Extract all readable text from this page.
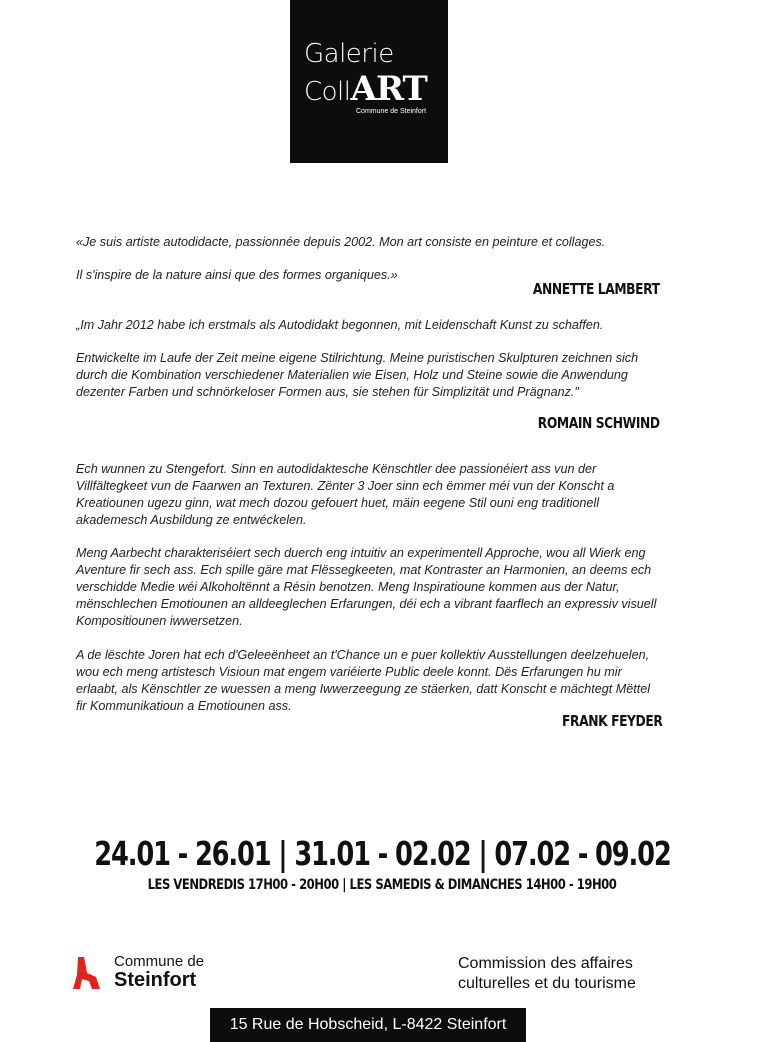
Galerie
CollART
Commune de Steinfort
«Je suis artiste autodidacte, passionnée depuis 2002. Mon art consiste en peinture et collages.
Il s'inspire de la nature ainsi que des formes organiques.»
ANNETTE LAMBERT
„Im Jahr 2012 habe ich erstmals als Autodidakt begonnen, mit Leidenschaft Kunst zu schaffen.
Entwickelte im Laufe der Zeit meine eigene Stilrichtung. Meine puristischen Skulpturen zeichnen sich durch die Kombination verschiedener Materialien wie Eisen, Holz und Steine sowie die Anwendung dezenter Farben und schnörkeloser Formen aus, sie stehen für Simplizität und Prägnanz."
ROMAIN SCHWIND
Ech wunnen zu Stengefort. Sinn en autodidaktesche Kënschtler dee passionéiert ass vun der Villfältegkeet vun de Faarwen an Texturen. Zënter 3 Joer sinn ech ëmmer méi vun der Konscht a Kreatiounen ugezu ginn, wat mech dozou gefouert huet, mäin eegene Stil ouni eng traditionell akademesch Ausbildung ze entwéckelen.
Meng Aarbecht charakteriséiert sech duerch eng intuitiv an experimentell Approche, wou all Wierk eng Aventure fir sech ass. Ech spille gäre mat Flëssegkeeten, mat Kontraster an Harmonien, an deems ech verschidde Medie wéi Alkoholtënnt a Résin benotzen. Meng Inspiratioune kommen aus der Natur, mënschlechen Emotiounen an alldeeglechen Erfarungen, déi ech a vibrant faarflech an expressiv visuell Kompositiounen iwwersetzen.
A de lëschte Joren hat ech d'Geleeënheet an t'Chance un e puer kollektiv Ausstellungen deelzehuelen, wou ech meng artistesch Visioun mat engem variéierte Public deele konnt. Dës Erfarungen hu mir erlaabt, als Kënschtler ze wuessen a meng Iwwerzeegung ze stäerken, datt Konscht e mächtegt Mëttel fir Kommunikatioun a Emotiounen ass.
FRANK FEYDER
24.01 - 26.01 | 31.01 - 02.02 | 07.02 - 09.02
LES VENDREDIS 17H00 - 20H00 | LES SAMEDIS & DIMANCHES 14H00 - 19H00
Commune de
Steinfort
Commission des affaires
culturelles et du tourisme
15 Rue de Hobscheid, L-8422 Steinfort
